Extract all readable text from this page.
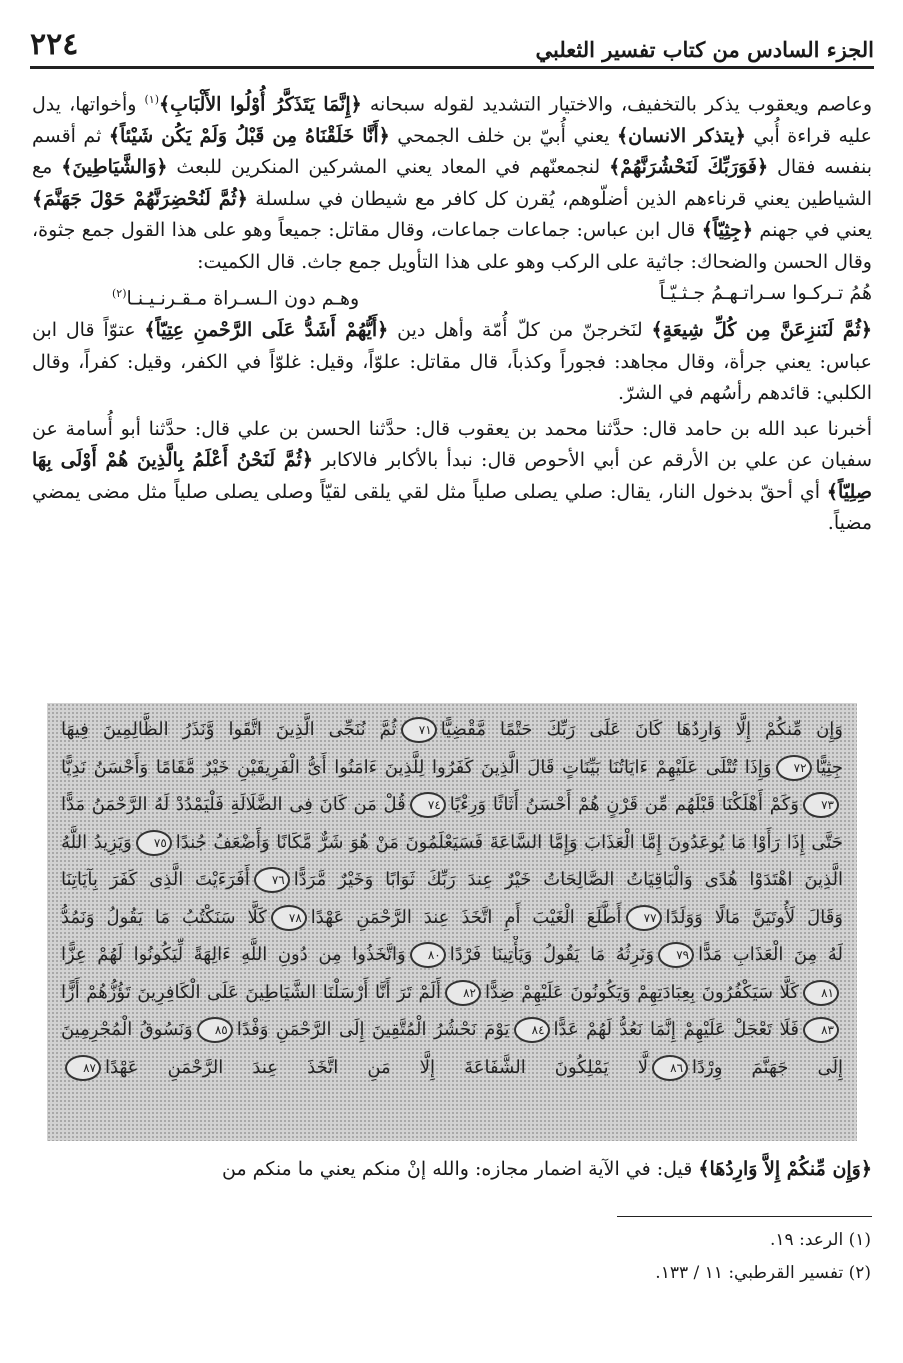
الجزء السادس من كتاب تفسير الثعلبي
٢٢٤

وعاصم ويعقوب يذكر بالتخفيف، والاختيار التشديد لقوله سبحانه ﴿إِنَّمَا يَتَذَكَّرُ أُوْلُوا الأَلْبَابِ﴾$^{(١)}$ وأخواتها، يدل عليه قراءة أُبي ﴿يتذكر الانسان﴾ يعني أُبيّ بن خلف الجمحي ﴿أَنَّا خَلَقْنَاهُ مِن قَبْلُ وَلَمْ يَكُن شَيْئاً﴾ ثم أقسم بنفسه فقال ﴿فَوَرَبِّكَ لَنَحْشُرَنَّهُمْ﴾ لنجمعنّهم في المعاد يعني المشركين المنكرين للبعث ﴿وَالشَّيَاطِينَ﴾ مع الشياطين يعني قرناءهم الذين أضلّوهم، يُقرن كل كافر مع شيطان في سلسلة ﴿ثُمَّ لَنُحْضِرَنَّهُمْ حَوْلَ جَهَنَّمَ﴾ يعني في جهنم ﴿جِثِيّاً﴾ قال ابن عباس: جماعات جماعات، وقال مقاتل: جميعاً وهو على هذا القول جمع جثوة، وقال الحسن والضحاك: جاثية على الركب وهو على هذا التأويل جمع جاث. قال الكميت:

هُمُ تـركـوا سـراتـهـمُ جـثـيّـاً
وهـم دون الـسـراة مـقـرنـيـنـا$^{(٢)}$

﴿ثُمَّ لَنَنزِعَنَّ مِن كُلِّ شِيعَةٍ﴾ لنَخرجنّ من كلّ أُمّة وأهل دين ﴿أَيُّهُمْ أَشَدُّ عَلَى الرَّحْمنِ عِتِيّاً﴾ عتوّاً قال ابن عباس: يعني جرأة، وقال مجاهد: فجوراً وكذباً، قال مقاتل: علوّاً، وقيل: غلوّاً في الكفر، وقيل: كفراً، وقال الكلبي: قائدهم رأسُهم في الشرّ.

أخبرنا عبد الله بن حامد قال: حدَّثنا محمد بن يعقوب قال: حدَّثنا الحسن بن علي قال: حدَّثنا أبو أُسامة عن سفيان عن علي بن الأرقم عن أبي الأحوص قال: نبدأ بالأكابر فالاكابر ﴿ثُمَّ لَنَحْنُ أَعْلَمُ بِالَّذِينَ هُمْ أَوْلَى بِهَا صِلِيّاً﴾ أي أحقّ بدخول النار، يقال: صلي يصلى صلياً مثل لقي يلقى لقيّاً وصلى يصلى صلياً مثل مضى يمضي مضياً.

وَإِن مِّنكُمْ إِلَّا وَارِدُهَا كَانَ عَلَى رَبِّكَ حَتْمًا مَّقْضِيًّا٧١ثُمَّ نُنَجِّى الَّذِينَ اتَّقَوا وَّنَذَرُ الظَّالِمِينَ فِيهَا
جِثِيًّا٧٢وَإِذَا تُتْلَى عَلَيْهِمْ ءَايَاتُنَا بَيِّنَاتٍ قَالَ الَّذِينَ كَفَرُوا لِلَّذِينَ ءَامَنُوا أَىُّ الْفَرِيقَيْنِ خَيْرٌ مَّقَامًا وَأَحْسَنُ نَدِيًّا
٧٣وَكَمْ أَهْلَكْنَا قَبْلَهُم مِّن قَرْنٍ هُمْ أَحْسَنُ أَثَاثًا وَرِءْيًا٧٤قُلْ مَن كَانَ فِى الضَّلَالَةِ فَلْيَمْدُدْ لَهُ الرَّحْمَنُ مَدًّا
حَتَّى إِذَا رَأَوْا مَا يُوعَدُونَ إِمَّا الْعَذَابَ وَإِمَّا السَّاعَةَ فَسَيَعْلَمُونَ مَنْ هُوَ شَرٌّ مَّكَانًا وَأَضْعَفُ جُندًا٧٥وَيَزِيدُ اللَّهُ
الَّذِينَ اهْتَدَوْا هُدًى وَالْبَاقِيَاتُ الصَّالِحَاتُ خَيْرٌ عِندَ رَبِّكَ ثَوَابًا وَخَيْرٌ مَّرَدًّا٧٦أَفَرَءَيْتَ الَّذِى كَفَرَ بِآيَاتِنَا
وَقَالَ لَأُوتَيَنَّ مَالًا وَوَلَدًا٧٧أَطَّلَعَ الْغَيْبَ أَمِ اتَّخَذَ عِندَ الرَّحْمَنِ عَهْدًا٧٨كَلَّا سَنَكْتُبُ مَا يَقُولُ وَنَمُدُّ
لَهُ مِنَ الْعَذَابِ مَدًّا٧٩وَنَرِثُهُ مَا يَقُولُ وَيَأْتِينَا فَرْدًا٨٠وَاتَّخَذُوا مِن دُونِ اللَّهِ ءَالِهَةً لِّيَكُونُوا لَهُمْ عِزًّا
٨١كَلَّا سَيَكْفُرُونَ بِعِبَادَتِهِمْ وَيَكُونُونَ عَلَيْهِمْ ضِدًّا٨٢أَلَمْ تَرَ أَنَّا أَرْسَلْنَا الشَّيَاطِينَ عَلَى الْكَافِرِينَ تَؤُزُّهُمْ أَزًّا
٨٣فَلَا تَعْجَلْ عَلَيْهِمْ إِنَّمَا نَعُدُّ لَهُمْ عَدًّا٨٤يَوْمَ نَحْشُرُ الْمُتَّقِينَ إِلَى الرَّحْمَنِ وَفْدًا٨٥وَنَسُوقُ الْمُجْرِمِينَ
إِلَى جَهَنَّمَ وِرْدًا٨٦لَّا يَمْلِكُونَ الشَّفَاعَةَ إِلَّا مَنِ اتَّخَذَ عِندَ الرَّحْمَنِ عَهْدًا٨٧
﴿وَإِن مِّنكُمْ إِلاَّ وَارِدُهَا﴾ قيل: في الآية اضمار مجازه: والله إنْ منكم يعني ما منكم من
(١) الرعد: ١٩.
(٢) تفسير القرطبي: ١١ / ١٣٣.
